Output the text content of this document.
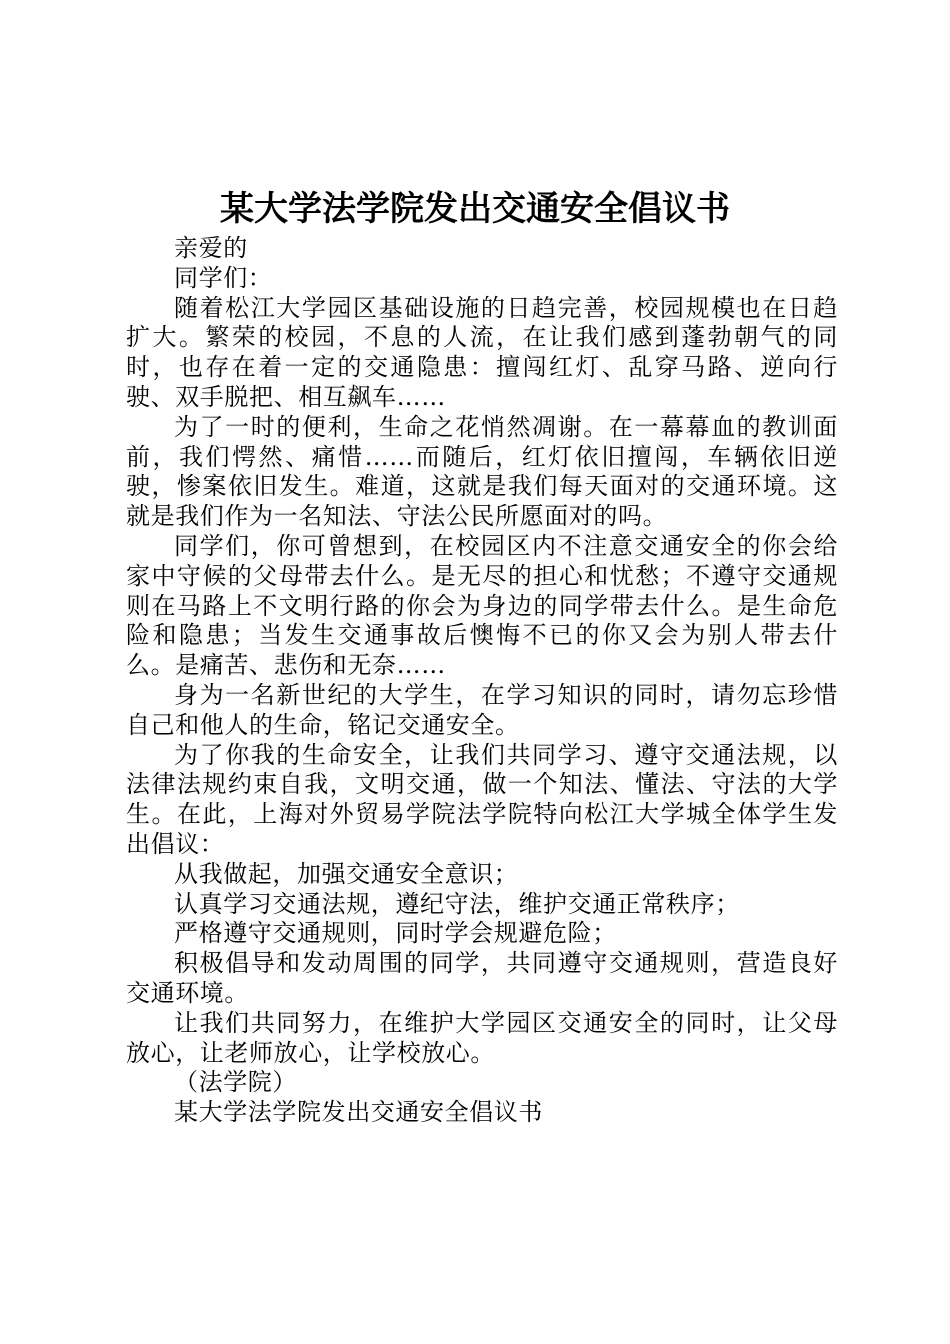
某大学法学院发出交通安全倡议书

亲爱的

同学们：

随着松江大学园区基础设施的日趋完善，校园规模也在日趋扩大。繁荣的校园，不息的人流，在让我们感到蓬勃朝气的同时，也存在着一定的交通隐患：擅闯红灯、乱穿马路、逆向行驶、双手脱把、相互飙车……

为了一时的便利，生命之花悄然凋谢。在一幕幕血的教训面前，我们愕然、痛惜……而随后，红灯依旧擅闯，车辆依旧逆驶，惨案依旧发生。难道，这就是我们每天面对的交通环境。这就是我们作为一名知法、守法公民所愿面对的吗。

同学们，你可曾想到，在校园区内不注意交通安全的你会给家中守候的父母带去什么。是无尽的担心和忧愁；不遵守交通规则在马路上不文明行路的你会为身边的同学带去什么。是生命危险和隐患；当发生交通事故后懊悔不已的你又会为别人带去什么。是痛苦、悲伤和无奈……

身为一名新世纪的大学生，在学习知识的同时，请勿忘珍惜自己和他人的生命，铭记交通安全。

为了你我的生命安全，让我们共同学习、遵守交通法规，以法律法规约束自我，文明交通，做一个知法、懂法、守法的大学生。在此，上海对外贸易学院法学院特向松江大学城全体学生发出倡议：

从我做起，加强交通安全意识；

认真学习交通法规，遵纪守法，维护交通正常秩序；

严格遵守交通规则，同时学会规避危险；

积极倡导和发动周围的同学，共同遵守交通规则，营造良好交通环境。

让我们共同努力，在维护大学园区交通安全的同时，让父母放心，让老师放心，让学校放心。

（法学院）

某大学法学院发出交通安全倡议书
